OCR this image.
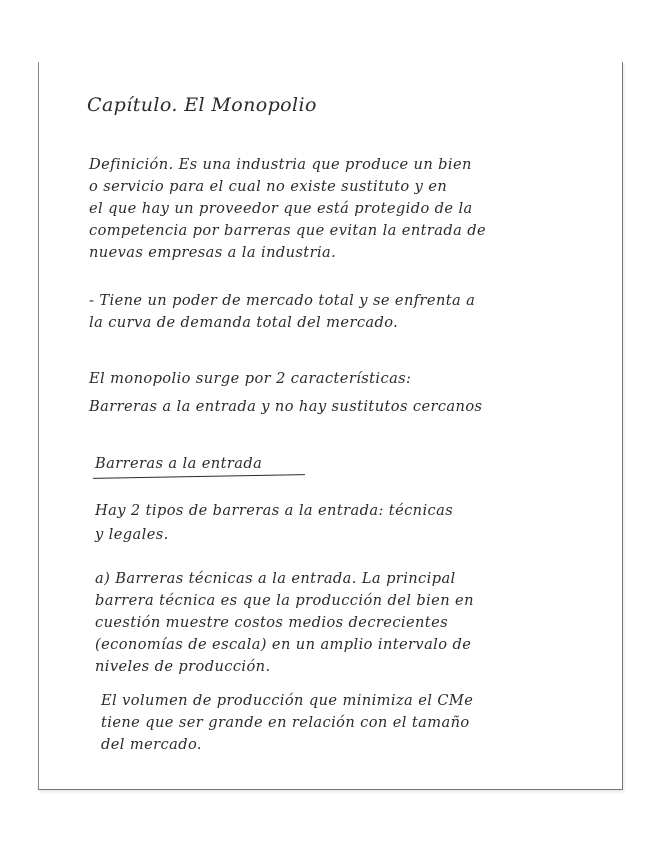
Capítulo. El Monopolio
Definición. Es una industria que produce un bien
o servicio para el cual no existe sustituto y en
el que hay un proveedor que está protegido de la
competencia por barreras que evitan la entrada de
nuevas empresas a la industria.
- Tiene un poder de mercado total y se enfrenta a
la curva de demanda total del mercado.
El monopolio surge por 2 características:
Barreras a la entrada y no hay sustitutos cercanos
Barreras a la entrada
Hay 2 tipos de barreras a la entrada: técnicas
y legales.
a) Barreras técnicas a la entrada. La principal
barrera técnica es que la producción del bien en
cuestión muestre costos medios decrecientes
(economías de escala) en un amplio intervalo de
niveles de producción.
El volumen de producción que minimiza el CMe
tiene que ser grande en relación con el tamaño
del mercado.
